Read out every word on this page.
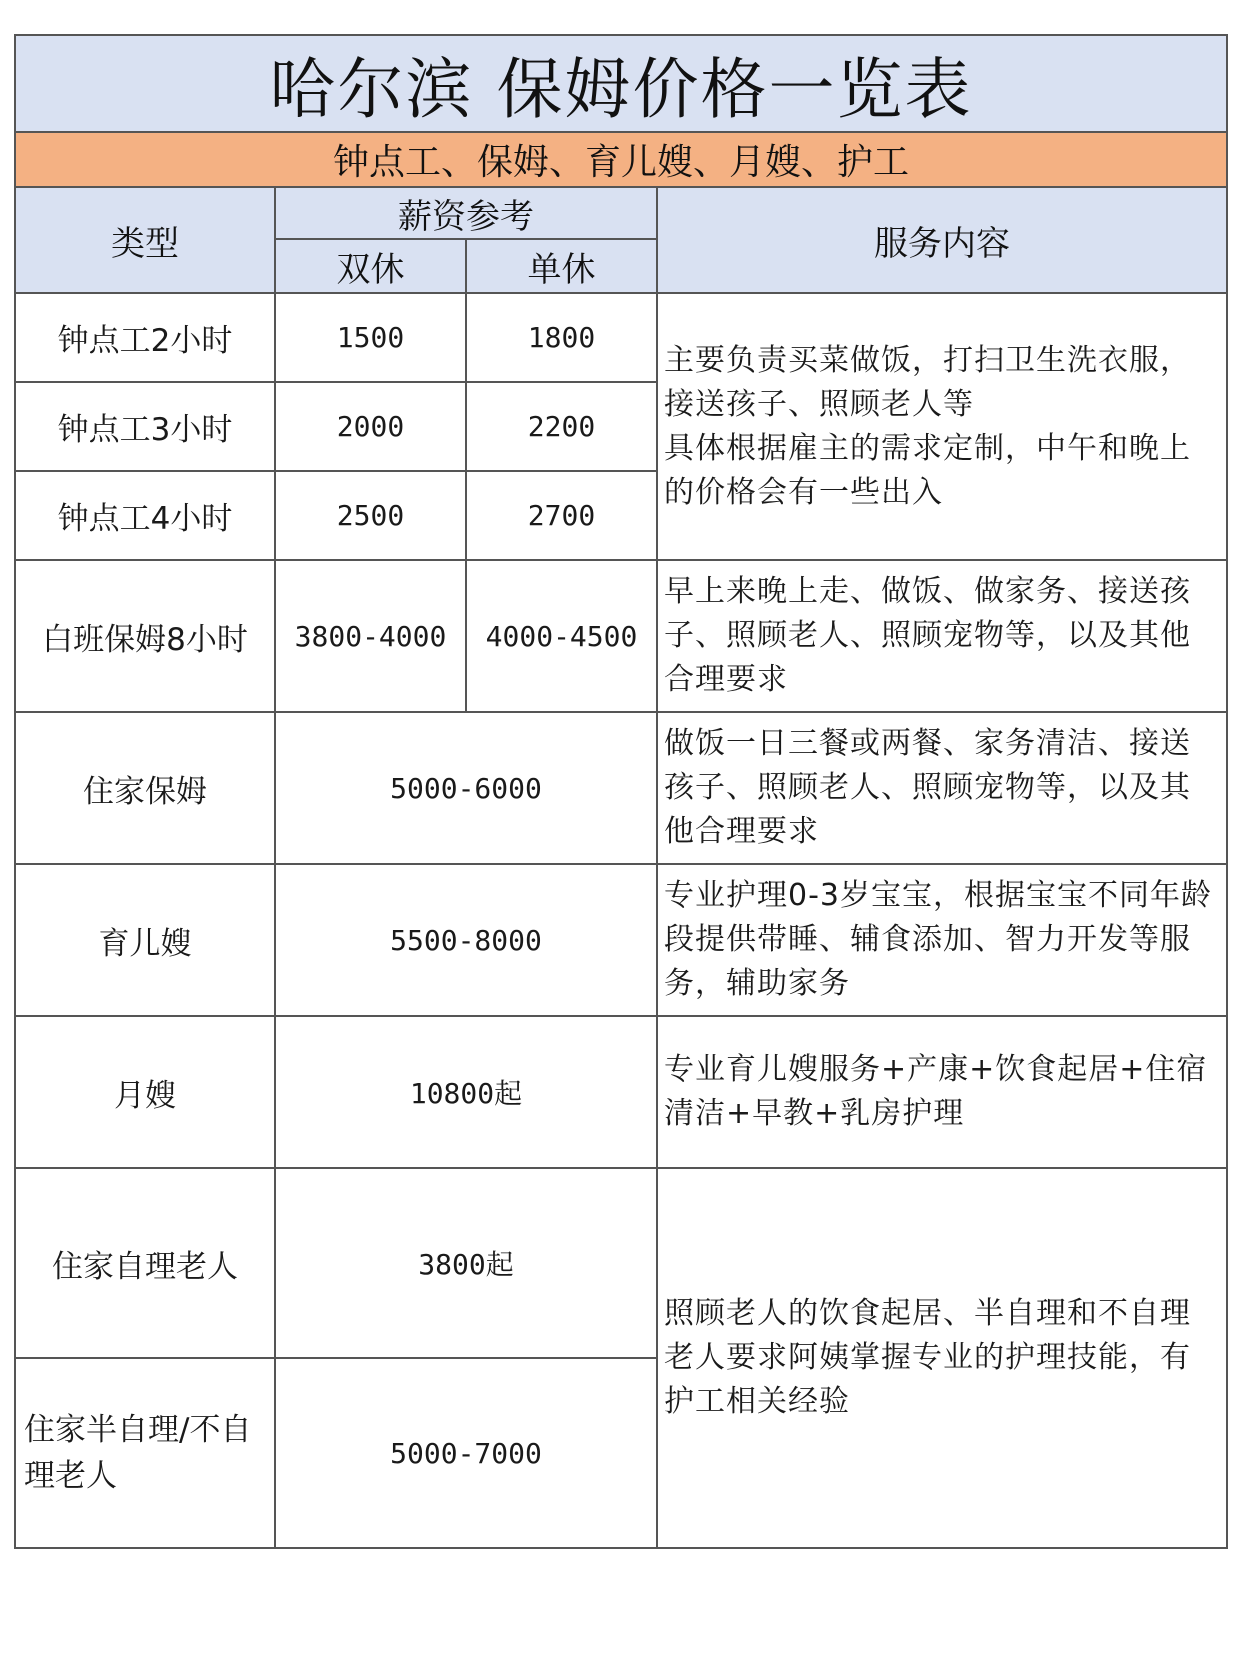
哈尔滨 保姆价格一览表			
钟点工、保姆、育儿嫂、月嫂、护工			
类型	薪资参考		服务内容
	双休	单休	
钟点工2小时	1500	1800	主要负责买菜做饭，打扫卫生洗衣服，接送孩子、照顾老人等
具体根据雇主的需求定制，中午和晚上的价格会有一些出入

钟点工3小时	2000	2200	
钟点工4小时	2500	2700	
白班保姆8小时	3800-4000	4000-4500	早上来晚上走、做饭、做家务、接送孩子、照顾老人、照顾宠物等，以及其他合理要求
住家保姆	5000-6000		做饭一日三餐或两餐、家务清洁、接送孩子、照顾老人、照顾宠物等，以及其他合理要求
育儿嫂	5500-8000		专业护理0-3岁宝宝，根据宝宝不同年龄段提供带睡、辅食添加、智力开发等服务，辅助家务
月嫂	10800起		专业育儿嫂服务+产康+饮食起居+住宿清洁+早教+乳房护理
住家自理老人	3800起		照顾老人的饮食起居、半自理和不自理老人要求阿姨掌握专业的护理技能，有护工相关经验
住家半自理/不自理老人	5000-7000		
